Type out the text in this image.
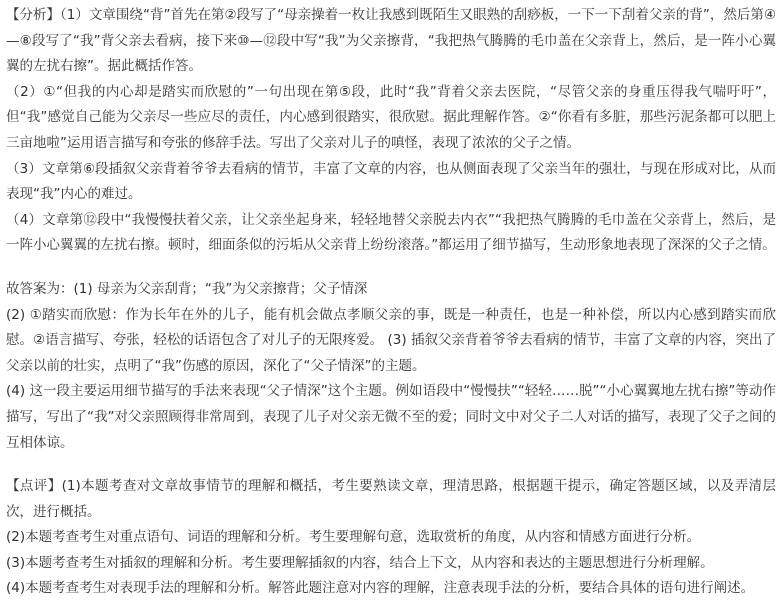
【分析】（1）文章围绕“背”首先在第②段写了“母亲操着一枚让我感到既陌生又眼熟的刮痧板，一下一下刮着父亲的背”，然后第④—⑧段写了“我”背父亲去看病，接下来⑩—⑫段中写“我”为父亲擦背，“我把热气腾腾的毛巾盖在父亲背上，然后，是一阵小心翼翼的左扰右擦”。据此概括作答。

（2）①“但我的内心却是踏实而欣慰的”一句出现在第⑤段，此时“我”背着父亲去医院，“尽管父亲的身重压得我气喘吁吁”，但“我”感觉自己能为父亲尽一些应尽的责任，内心感到很踏实，很欣慰。据此理解作答。②“你看有多脏，那些污泥条都可以肥上三亩地啦”运用语言描写和夸张的修辞手法。写出了父亲对儿子的嗔怪，表现了浓浓的父子之情。

（3）文章第⑥段插叙父亲背着爷爷去看病的情节，丰富了文章的内容，也从侧面表现了父亲当年的强壮，与现在形成对比，从而表现“我”内心的难过。

（4）文章第⑫段中“我慢慢扶着父亲，让父亲坐起身来，轻轻地替父亲脱去内衣”“我把热气腾腾的毛巾盖在父亲背上，然后，是一阵小心翼翼的左扰右擦。顿时，细面条似的污垢从父亲背上纷纷滚落。”都运用了细节描写，生动形象地表现了深深的父子之情。

故答案为：(1) 母亲为父亲刮背；“我”为父亲擦背；父子情深

(2) ①踏实而欣慰：作为长年在外的儿子，能有机会做点孝顺父亲的事，既是一种责任，也是一种补偿，所以内心感到踏实而欣慰。②语言描写、夸张，轻松的话语包含了对儿子的无限疼爱。 (3) 插叙父亲背着爷爷去看病的情节，丰富了文章的内容，突出了父亲以前的壮实，点明了“我”伤感的原因，深化了“父子情深”的主题。

(4) 这一段主要运用细节描写的手法来表现“父子情深”这个主题。例如语段中“慢慢扶”“轻轻……脱”“小心翼翼地左扰右擦”等动作描写，写出了“我”对父亲照顾得非常周到，表现了儿子对父亲无微不至的爱；同时文中对父子二人对话的描写，表现了父子之间的互相体谅。

【点评】(1)本题考查对文章故事情节的理解和概括，考生要熟读文章，理清思路，根据题干提示，确定答题区域，以及弄清层次，进行概括。

(2)本题考查考生对重点语句、词语的理解和分析。考生要理解句意，选取赏析的角度，从内容和情感方面进行分析。

(3)本题考查考生对插叙的理解和分析。考生要理解插叙的内容，结合上下文，从内容和表达的主题思想进行分析理解。

(4)本题考查考生对表现手法的理解和分析。解答此题注意对内容的理解，注意表现手法的分析，要结合具体的语句进行阐述。
